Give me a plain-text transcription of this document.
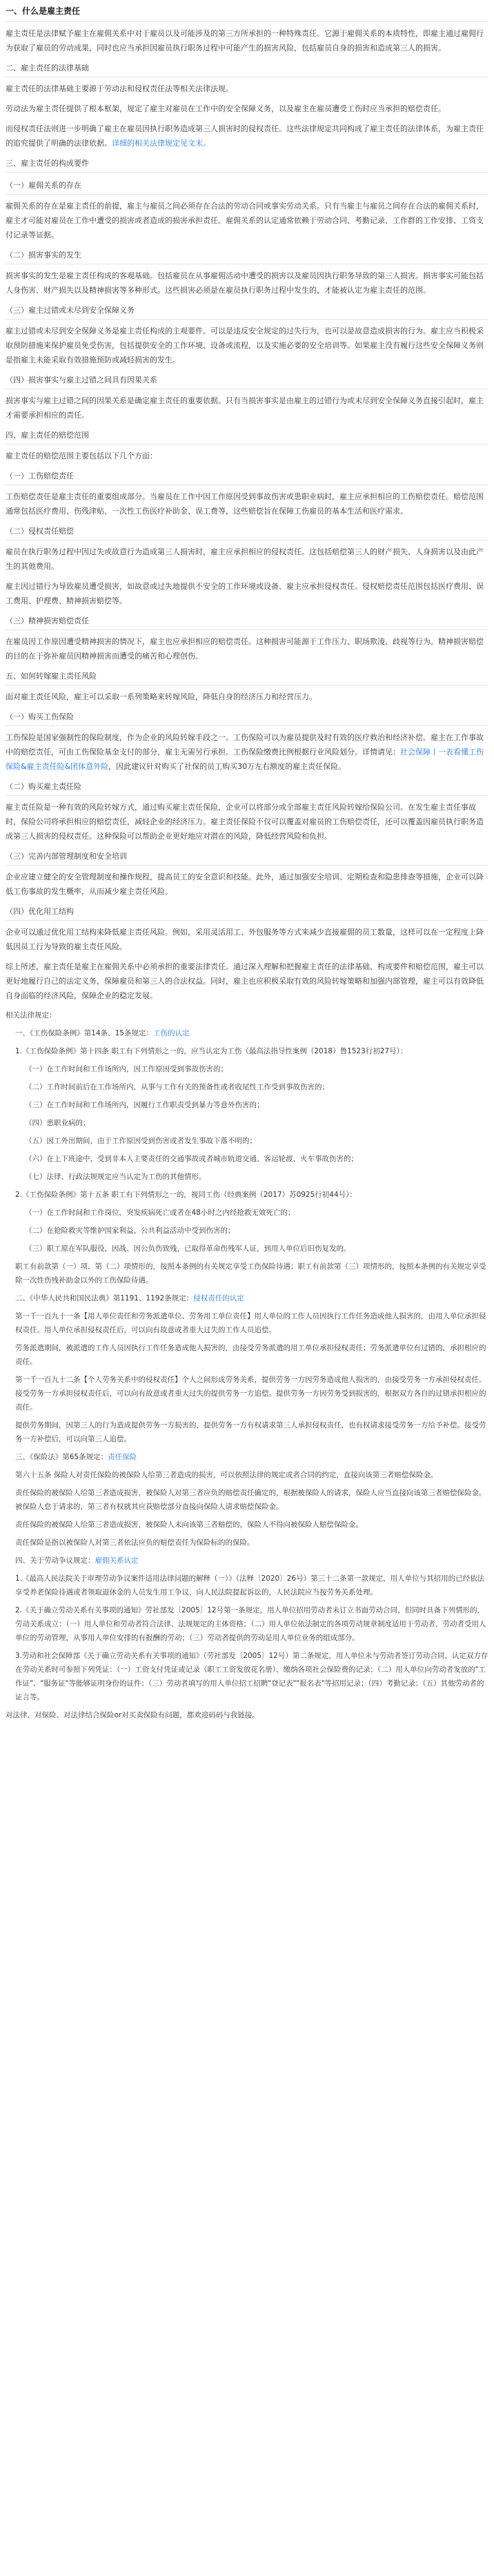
一、什么是雇主责任

雇主责任是法律赋予雇主在雇佣关系中对于雇员以及可能涉及的第三方所承担的一种特殊责任。它源于雇佣关系的本质特性，即雇主通过雇佣行为获取了雇员的劳动成果，同时也应当承担因雇员执行职务过程中可能产生的损害风险，包括雇员自身的损害和造成第三人的损害。

二、雇主责任的法律基础

雇主责任的法律基础主要源于劳动法和侵权责任法等相关法律法规。

劳动法为雇主责任提供了根本框架，规定了雇主对雇员在工作中的安全保障义务，以及雇主在雇员遭受工伤时应当承担的赔偿责任。

而侵权责任法则进一步明确了雇主在雇员因执行职务造成第三人损害时的侵权责任。这些法律规定共同构成了雇主责任的法律体系，为雇主责任的追究提供了明确的法律依据。详细的相关法律规定见文末。

三、雇主责任的构成要件
（一）雇佣关系的存在

雇佣关系的存在是雇主责任的前提，雇主与雇员之间必须存在合法的劳动合同或事实劳动关系。只有当雇主与雇员之间存在合法的雇佣关系时，雇主才可能对雇员在工作中遭受的损害或者造成的损害承担责任。雇佣关系的认定通常依赖于劳动合同、考勤记录、工作群的工作安排、工资支付记录等证据。

（二）损害事实的发生

损害事实的发生是雇主责任构成的客观基础。包括雇员在从事雇佣活动中遭受的损害以及雇员因执行职务导致的第三人损害。损害事实可能包括人身伤害、财产损失以及精神损害等多种形式。这些损害必须是在雇员执行职务过程中发生的，才能被认定为雇主责任的范围。

（三）雇主过错或未尽到安全保障义务

雇主过错或未尽到安全保障义务是雇主责任构成的主观要件。可以是违反安全规定的过失行为，也可以是故意造成损害的行为。雇主应当积极采取预防措施来保护雇员免受伤害，包括提供安全的工作环境、设备或流程，以及实施必要的安全培训等。如果雇主没有履行这些安全保障义务则是指雇主未能采取有效措施预防或减轻损害的发生。

（四）损害事实与雇主过错之间具有因果关系

损害事实与雇主过错之间的因果关系是确定雇主责任的重要依据。只有当损害事实是由雇主的过错行为或未尽到安全保障义务直接引起时，雇主才需要承担相应的责任。

四、雇主责任的赔偿范围

雇主责任的赔偿范围主要包括以下几个方面：

（一）工伤赔偿责任

工伤赔偿责任是雇主责任的重要组成部分。当雇员在工作中因工作原因受到事故伤害或患职业病时，雇主应承担相应的工伤赔偿责任。赔偿范围通常包括医疗费用、伤残津贴、一次性工伤医疗补助金、误工费等，这些赔偿旨在保障工伤雇员的基本生活和医疗需求。

（二）侵权责任赔偿

雇员在执行职务过程中因过失或故意行为造成第三人损害时，雇主应承担相应的侵权责任。这包括赔偿第三人的财产损失、人身损害以及由此产生的其他费用。

雇主因过错行为导致雇员遭受损害，如故意或过失地提供不安全的工作环境或设备、雇主应承担侵权责任。侵权赔偿责任范围包括医疗费用、误工费用、护理费、精神损害赔偿等。

（三）精神损害赔偿责任

在雇员因工作原因遭受精神损害的情况下，雇主也应承担相应的赔偿责任。这种损害可能源于工作压力、职场欺凌、歧视等行为。精神损害赔偿的目的在于弥补雇员因精神损害而遭受的痛苦和心理创伤。

五、如何转嫁雇主责任风险

面对雇主责任风险，雇主可以采取一系列策略来转嫁风险，降低自身的经济压力和经营压力。

（一）购买工伤保险

工伤保险是国家强制性的保险制度，作为企业的风险转嫁手段之一。工伤保险可以为雇员提供及时有效的医疗救治和经济补偿。雇主在工作事故中的赔偿责任，可由工伤保险基金支付的部分，雇主无需另行承担。工伤保险缴费比例根据行业风险划分。详情请见：社会保障丨一表看懂工伤保险&雇主责任险&团体意外险，因此建议针对购买了社保的员工购买30万左右额度的雇主责任保险。

（二）购买雇主责任险

雇主责任险是一种有效的风险转嫁方式，通过购买雇主责任保险，企业可以将部分或全部雇主责任风险转嫁给保险公司。在发生雇主责任事故时，保险公司将承担相应的赔偿责任，减轻企业的经济压力。雇主责任保险不仅可以覆盖对雇员的工伤赔偿责任，还可以覆盖因雇员执行职务造成第三人损害的侵权责任。这种保险可以帮助企业更好地应对潜在的风险，降低经营风险和负担。

（三）完善内部管理制度和安全培训

企业应建立健全的安全管理制度和操作规程，提高员工的安全意识和技能。此外，通过加强安全培训、定期检查和隐患排查等措施，企业可以降低工伤事故的发生概率，从而减少雇主责任风险。

（四）优化用工结构

企业可以通过优化用工结构来降低雇主责任风险。例如，采用灵活用工、外包服务等方式来减少直接雇佣的员工数量，这样可以在一定程度上降低因员工行为导致的雇主责任风险。

综上所述，雇主责任是雇主在雇佣关系中必须承担的重要法律责任。通过深入理解和把握雇主责任的法律基础、构成要件和赔偿范围，雇主可以更好地履行自己的法定义务，保障雇员和第三人的合法权益。同时，雇主也应积极采取有效的风险转嫁策略和加强内部管理，雇主可以有效降低自身面临的经济风险，保障企业的稳定发展。

相关法律规定：

一、《工伤保险条例》第14条、15条规定：工伤的认定

1.《工伤保险条例》第十四条 职工有下列情形之一的，应当认定为工伤（最高法指导性案例（2018）鲁1523行初27号）：

（一）在工作时间和工作场所内，因工作原因受到事故伤害的；

（二）工作时间前后在工作场所内，从事与工作有关的预备性或者收尾性工作受到事故伤害的；

（三）在工作时间和工作场所内，因履行工作职责受到暴力等意外伤害的；

（四）患职业病的；

（五）因工外出期间，由于工作原因受到伤害或者发生事故下落不明的；

（六）在上下班途中，受到非本人主要责任的交通事故或者城市轨道交通、客运轮渡、火车事故伤害的；

（七）法律、行政法规规定应当认定为工伤的其他情形。

2.《工伤保险条例》第十五条 职工有下列情形之一的，视同工伤（经典案例（2017）苏0925行初44号）：

（一）在工作时间和工作岗位，突发疾病死亡或者在48小时之内经抢救无效死亡的；

（二）在抢险救灾等维护国家利益、公共利益活动中受到伤害的；

（三）职工原在军队服役，因战、因公负伤致残，已取得革命伤残军人证，到用人单位后旧伤复发的。

职工有前款第（一）项、第（二）项情形的，按照本条例的有关规定享受工伤保险待遇；职工有前款第（三）项情形的，按照本条例的有关规定享受除一次性伤残补助金以外的工伤保险待遇。

二、《中华人民共和国民法典》第1191、1192条规定：侵权责任的认定

第一千一百九十一条【用人单位责任和劳务派遣单位、劳务用工单位责任】用人单位的工作人员因执行工作任务造成他人损害的，由用人单位承担侵权责任。用人单位承担侵权责任后，可以向有故意或者重大过失的工作人员追偿。

劳务派遣期间，被派遣的工作人员因执行工作任务造成他人损害的，由接受劳务派遣的用工单位承担侵权责任；劳务派遣单位有过错的，承担相应的责任。

第一千一百九十二条【个人劳务关系中的侵权责任】个人之间形成劳务关系，提供劳务一方因劳务造成他人损害的，由接受劳务一方承担侵权责任。接受劳务一方承担侵权责任后，可以向有故意或者重大过失的提供劳务一方追偿。提供劳务一方因劳务受到损害的，根据双方各自的过错承担相应的责任。

提供劳务期间，因第三人的行为造成提供劳务一方损害的，提供劳务一方有权请求第三人承担侵权责任，也有权请求接受劳务一方给予补偿。接受劳务一方补偿后，可以向第三人追偿。

三、《保险法》第65条规定：责任保险

第六十五条 保险人对责任保险的被保险人给第三者造成的损害，可以依照法律的规定或者合同的约定，直接向该第三者赔偿保险金。

责任保险的被保险人给第三者造成损害，被保险人对第三者应负的赔偿责任确定的，根据被保险人的请求，保险人应当直接向该第三者赔偿保险金。被保险人怠于请求的，第三者有权就其应获赔偿部分直接向保险人请求赔偿保险金。

责任保险的被保险人给第三者造成损害，被保险人未向该第三者赔偿的，保险人不得向被保险人赔偿保险金。

责任保险是指以被保险人对第三者依法应负的赔偿责任为保险标的的保险。

四、关于劳动争议规定：雇佣关系认定

1.《最高人民法院关于审理劳动争议案件适用法律问题的解释（一）》（法释〔2020〕26号）第三十二条第一款规定，用人单位与其招用的已经依法享受养老保险待遇或者领取退休金的人员发生用工争议，向人民法院提起诉讼的，人民法院应当按劳务关系处理。

2.《关于确立劳动关系有关事项的通知》劳社部发〔2005〕12号第一条规定，用人单位招用劳动者未订立书面劳动合同，但同时具备下列情形的，劳动关系成立：（一）用人单位和劳动者符合法律、法规规定的主体资格；（二）用人单位依法制定的各项劳动规章制度适用于劳动者，劳动者受用人单位的劳动管理，从事用人单位安排的有报酬的劳动；（三）劳动者提供的劳动是用人单位业务的组成部分。

3.劳动和社会保障部《关于确立劳动关系有关事项的通知》（劳社部发〔2005〕12号）第二条规定，用人单位未与劳动者签订劳动合同，认定双方存在劳动关系时可参照下列凭证：（一）工资支付凭证或记录（职工工资发放花名册）、缴纳各项社会保险费的记录；（二）用人单位向劳动者发放的"工作证"、"服务证"等能够证明身份的证件；（三）劳动者填写的用人单位招工招聘"登记表""报名表"等招用记录；（四）考勤记录；（五）其他劳动者的证言等。

对法律、对保险、对法律结合保险or对买卖保险有问题，都欢迎码码与我链接。
